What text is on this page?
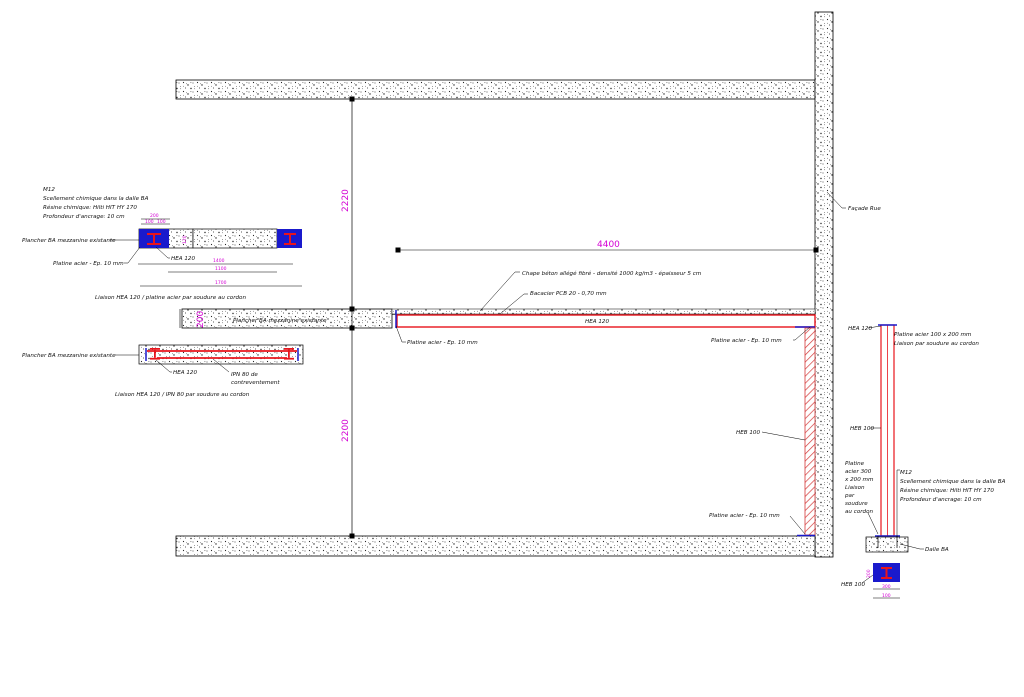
Plancher BA mezzanine existante	HEA 120
2220
2200
200
4400
Façade Rue
Chape béton allégé fibré - densité 1000 kg/m3 - épaisseur 5 cm
Bacacier PCB 20 - 0,70 mm
Platine acier - Ep. 10 mm	Platine acier - Ep. 10 mm
HEB 100
Platine acier - Ep. 10 mm
M12
Scellement chimique dans la dalle BA
Résine chimique: Hilti HIT HY 170
Profondeur d'ancrage: 10 cm	200
100 100
120
Plancher BA mezzanine existante
Platine acier - Ep. 10 mm
HEA 120	1400
1100
1700
Liaison HEA 120 / platine acier par soudure au cordon
Plancher BA mezzanine existante
HEA 120	IPN 80 de
contreventement
Liaison HEA 120 / IPN 80 par soudure au cordon
HEA 120
Platine acier 100 x 200 mm
Liaison par soudure au cordon
HEB 100
Platine
acier 300
x 200 mm
Liaison
par
soudure
au cordon
M12
Scellement chimique dans la dalle BA
Résine chimique: Hilti HIT HY 170
Profondeur d'ancrage: 10 cm
Dalle BA
HEB 100	300
100
200
